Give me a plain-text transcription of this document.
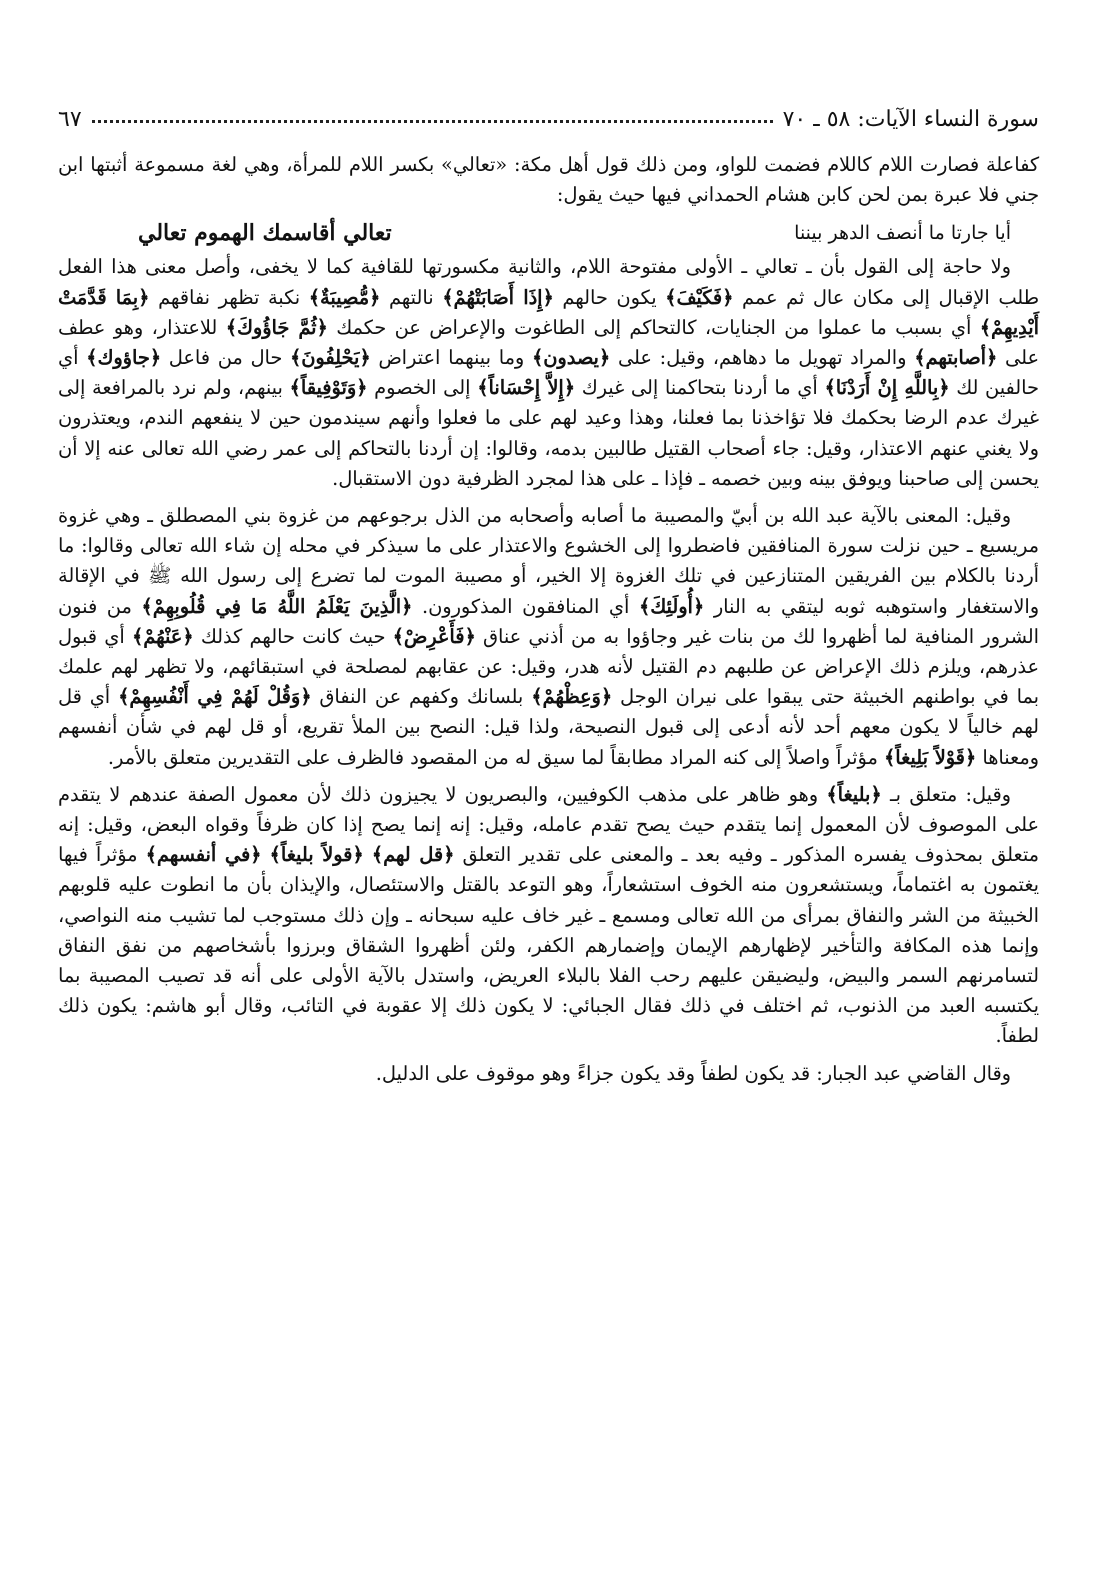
سورة النساء الآيات: ٥٨ ـ ٧٠
٦٧

كفاعلة فصارت اللام كاللام فضمت للواو، ومن ذلك قول أهل مكة: «تعالي» بكسر اللام للمرأة، وهي لغة مسموعة أثبتها ابن جني فلا عبرة بمن لحن كابن هشام الحمداني فيها حيث يقول:

أيا جارتا ما أنصف الدهر بيننا
تعالي أقاسمك الهموم تعالي

ولا حاجة إلى القول بأن ـ تعالي ـ الأولى مفتوحة اللام، والثانية مكسورتها للقافية كما لا يخفى، وأصل معنى هذا الفعل طلب الإقبال إلى مكان عال ثم عمم ﴿فَكَيْفَ﴾ يكون حالهم ﴿إِذَا أَصَابَتْهُمْ﴾ نالتهم ﴿مُّصِيبَةٌ﴾ نكبة تظهر نفاقهم ﴿بِمَا قَدَّمَتْ أَيْدِيهِمْ﴾ أي بسبب ما عملوا من الجنايات، كالتحاكم إلى الطاغوت والإعراض عن حكمك ﴿ثُمَّ جَاؤُوكَ﴾ للاعتذار، وهو عطف على ﴿أصابتهم﴾ والمراد تهويل ما دهاهم، وقيل: على ﴿يصدون﴾ وما بينهما اعتراض ﴿يَحْلِفُونَ﴾ حال من فاعل ﴿جاؤوك﴾ أي حالفين لك ﴿بِاللَّهِ إِنْ أَرَدْنَا﴾ أي ما أردنا بتحاكمنا إلى غيرك ﴿إِلاَّ إِحْسَاناً﴾ إلى الخصوم ﴿وَتَوْفِيقاً﴾ بينهم، ولم نرد بالمرافعة إلى غيرك عدم الرضا بحكمك فلا تؤاخذنا بما فعلنا، وهذا وعيد لهم على ما فعلوا وأنهم سيندمون حين لا ينفعهم الندم، ويعتذرون ولا يغني عنهم الاعتذار، وقيل: جاء أصحاب القتيل طالبين بدمه، وقالوا: إن أردنا بالتحاكم إلى عمر رضي الله تعالى عنه إلا أن يحسن إلى صاحبنا ويوفق بينه وبين خصمه ـ فإذا ـ على هذا لمجرد الظرفية دون الاستقبال.

وقيل: المعنى بالآية عبد الله بن أبيّ والمصيبة ما أصابه وأصحابه من الذل برجوعهم من غزوة بني المصطلق ـ وهي غزوة مريسيع ـ حين نزلت سورة المنافقين فاضطروا إلى الخشوع والاعتذار على ما سيذكر في محله إن شاء الله تعالى وقالوا: ما أردنا بالكلام بين الفريقين المتنازعين في تلك الغزوة إلا الخير، أو مصيبة الموت لما تضرع إلى رسول الله ﷺ في الإقالة والاستغفار واستوهبه ثوبه ليتقي به النار ﴿أُولَئِكَ﴾ أي المنافقون المذكورون. ﴿الَّذِينَ يَعْلَمُ اللَّهُ مَا فِي قُلُوبِهِمْ﴾ من فنون الشرور المنافية لما أظهروا لك من بنات غير وجاؤوا به من أذني عناق ﴿فَأَعْرِضْ﴾ حيث كانت حالهم كذلك ﴿عَنْهُمْ﴾ أي قبول عذرهم، ويلزم ذلك الإعراض عن طلبهم دم القتيل لأنه هدر، وقيل: عن عقابهم لمصلحة في استبقائهم، ولا تظهر لهم علمك بما في بواطنهم الخبيثة حتى يبقوا على نيران الوجل ﴿وَعِظْهُمْ﴾ بلسانك وكفهم عن النفاق ﴿وَقُلْ لَهُمْ فِي أَنْفُسِهِمْ﴾ أي قل لهم خالياً لا يكون معهم أحد لأنه أدعى إلى قبول النصيحة، ولذا قيل: النصح بين الملأ تقريع، أو قل لهم في شأن أنفسهم ومعناها ﴿قَوْلاً بَلِيغاً﴾ مؤثراً واصلاً إلى كنه المراد مطابقاً لما سيق له من المقصود فالظرف على التقديرين متعلق بالأمر.

وقيل: متعلق بـ ﴿بليغاً﴾ وهو ظاهر على مذهب الكوفيين، والبصريون لا يجيزون ذلك لأن معمول الصفة عندهم لا يتقدم على الموصوف لأن المعمول إنما يتقدم حيث يصح تقدم عامله، وقيل: إنه إنما يصح إذا كان ظرفاً وقواه البعض، وقيل: إنه متعلق بمحذوف يفسره المذكور ـ وفيه بعد ـ والمعنى على تقدير التعلق ﴿قل لهم﴾ ﴿قولاً بليغاً﴾ ﴿في أنفسهم﴾ مؤثراً فيها يغتمون به اغتماماً، ويستشعرون منه الخوف استشعاراً، وهو التوعد بالقتل والاستئصال، والإيذان بأن ما انطوت عليه قلوبهم الخبيثة من الشر والنفاق بمرأى من الله تعالى ومسمع ـ غير خاف عليه سبحانه ـ وإن ذلك مستوجب لما تشيب منه النواصي، وإنما هذه المكافة والتأخير لإظهارهم الإيمان وإضمارهم الكفر، ولئن أظهروا الشقاق وبرزوا بأشخاصهم من نفق النفاق لتسامرنهم السمر والبيض، وليضيقن عليهم رحب الفلا بالبلاء العريض، واستدل بالآية الأولى على أنه قد تصيب المصيبة بما يكتسبه العبد من الذنوب، ثم اختلف في ذلك فقال الجبائي: لا يكون ذلك إلا عقوبة في التائب، وقال أبو هاشم: يكون ذلك لطفاً.

وقال القاضي عبد الجبار: قد يكون لطفاً وقد يكون جزاءً وهو موقوف على الدليل.
